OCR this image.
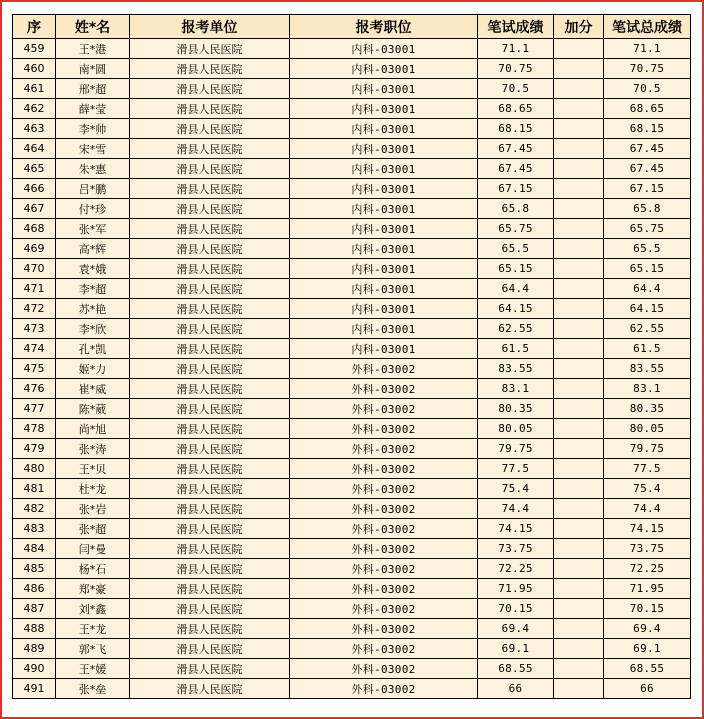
序	姓*名	报考单位	报考职位	笔试成绩	加分	笔试总成绩
459	王*港	滑县人民医院	内科-03001	71.1		71.1
460	南*圆	滑县人民医院	内科-03001	70.75		70.75
461	邢*超	滑县人民医院	内科-03001	70.5		70.5
462	薛*莹	滑县人民医院	内科-03001	68.65		68.65
463	李*帅	滑县人民医院	内科-03001	68.15		68.15
464	宋*雪	滑县人民医院	内科-03001	67.45		67.45
465	朱*惠	滑县人民医院	内科-03001	67.45		67.45
466	吕*鹏	滑县人民医院	内科-03001	67.15		67.15
467	付*珍	滑县人民医院	内科-03001	65.8		65.8
468	张*军	滑县人民医院	内科-03001	65.75		65.75
469	高*辉	滑县人民医院	内科-03001	65.5		65.5
470	袁*娥	滑县人民医院	内科-03001	65.15		65.15
471	李*超	滑县人民医院	内科-03001	64.4		64.4
472	苏*艳	滑县人民医院	内科-03001	64.15		64.15
473	李*欣	滑县人民医院	内科-03001	62.55		62.55
474	孔*凯	滑县人民医院	内科-03001	61.5		61.5
475	姬*力	滑县人民医院	外科-03002	83.55		83.55
476	崔*威	滑县人民医院	外科-03002	83.1		83.1
477	陈*葳	滑县人民医院	外科-03002	80.35		80.35
478	尚*旭	滑县人民医院	外科-03002	80.05		80.05
479	张*涛	滑县人民医院	外科-03002	79.75		79.75
480	王*贝	滑县人民医院	外科-03002	77.5		77.5
481	杜*龙	滑县人民医院	外科-03002	75.4		75.4
482	张*岩	滑县人民医院	外科-03002	74.4		74.4
483	张*超	滑县人民医院	外科-03002	74.15		74.15
484	闫*曼	滑县人民医院	外科-03002	73.75		73.75
485	杨*石	滑县人民医院	外科-03002	72.25		72.25
486	郑*豪	滑县人民医院	外科-03002	71.95		71.95
487	刘*鑫	滑县人民医院	外科-03002	70.15		70.15
488	王*龙	滑县人民医院	外科-03002	69.4		69.4
489	郭*飞	滑县人民医院	外科-03002	69.1		69.1
490	王*媛	滑县人民医院	外科-03002	68.55		68.55
491	张*垒	滑县人民医院	外科-03002	66		66
